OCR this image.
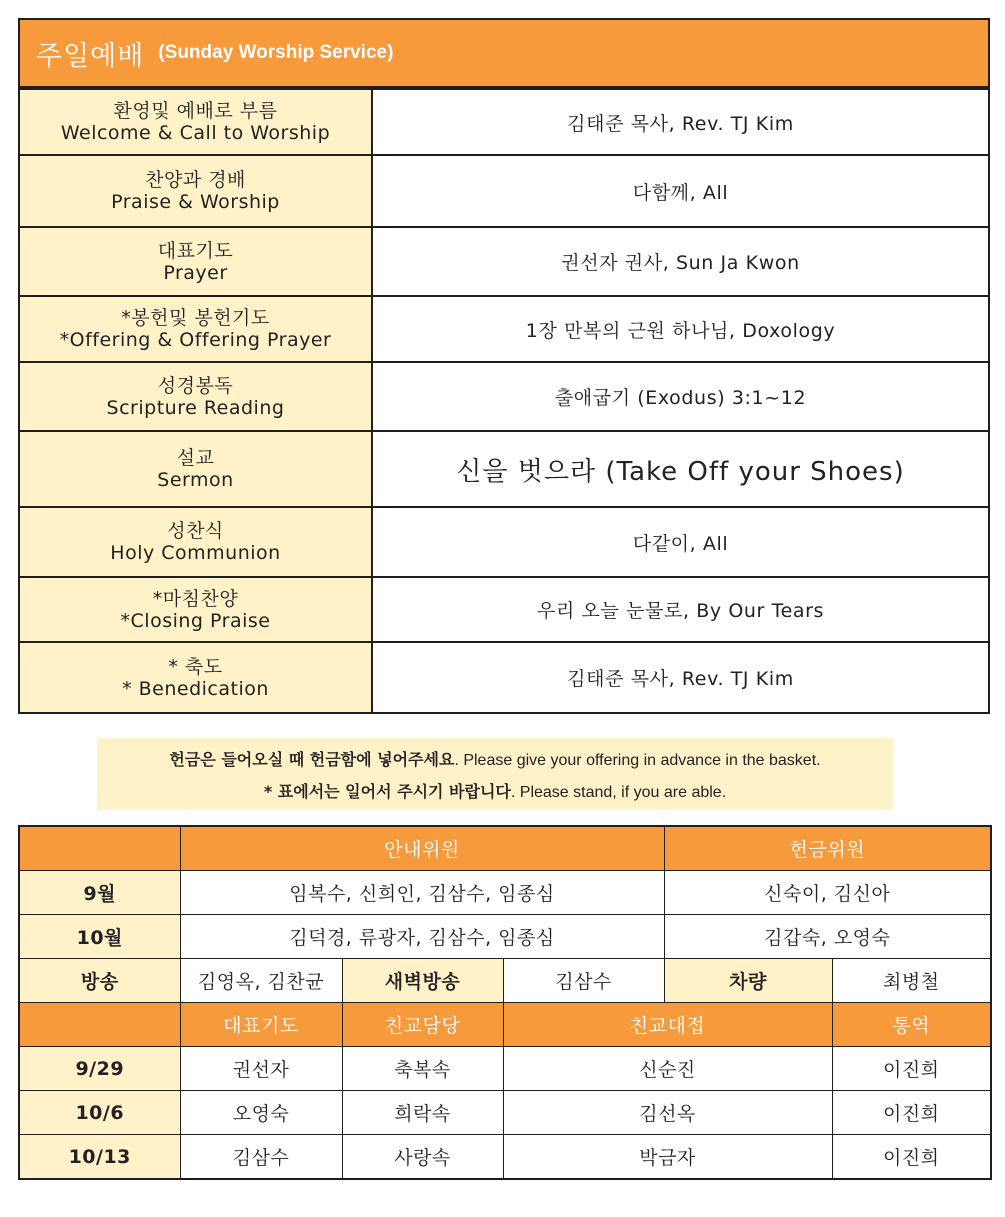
주일예배 (Sunday Worship Service)
환영및 예배로 부름
Welcome & Call to Worship	김태준 목사, Rev. TJ Kim
찬양과 경배
Praise & Worship	다함께, All
대표기도
Prayer	권선자 권사, Sun Ja Kwon
*봉헌및 봉헌기도
*Offering & Offering Prayer	1장 만복의 근원 하나님, Doxology
성경봉독
Scripture Reading	출애굽기 (Exodus) 3:1~12
설교
Sermon	신을 벗으라 (Take Off your Shoes)
성찬식
Holy Communion	다같이, All
*마침찬양
*Closing Praise	우리 오늘 눈물로, By Our Tears
* 축도
* Benedication	김태준 목사, Rev. TJ Kim
헌금은 들어오실 때 헌금함에 넣어주세요. Please give your offering in advance in the basket.
* 표에서는 일어서 주시기 바랍니다. Please stand, if you are able.
	안내위원			헌금위원	
9월	임복수, 신희인, 김삼수, 임종심			신숙이, 김신아	
10월	김덕경, 류광자, 김삼수, 임종심			김갑숙, 오영숙	
방송	김영옥, 김찬균	새벽방송	김삼수	차량	최병철
	대표기도	친교담당	친교대접		통역
9/29	권선자	축복속	신순진		이진희
10/6	오영숙	희락속	김선옥		이진희
10/13	김삼수	사랑속	박금자		이진희
